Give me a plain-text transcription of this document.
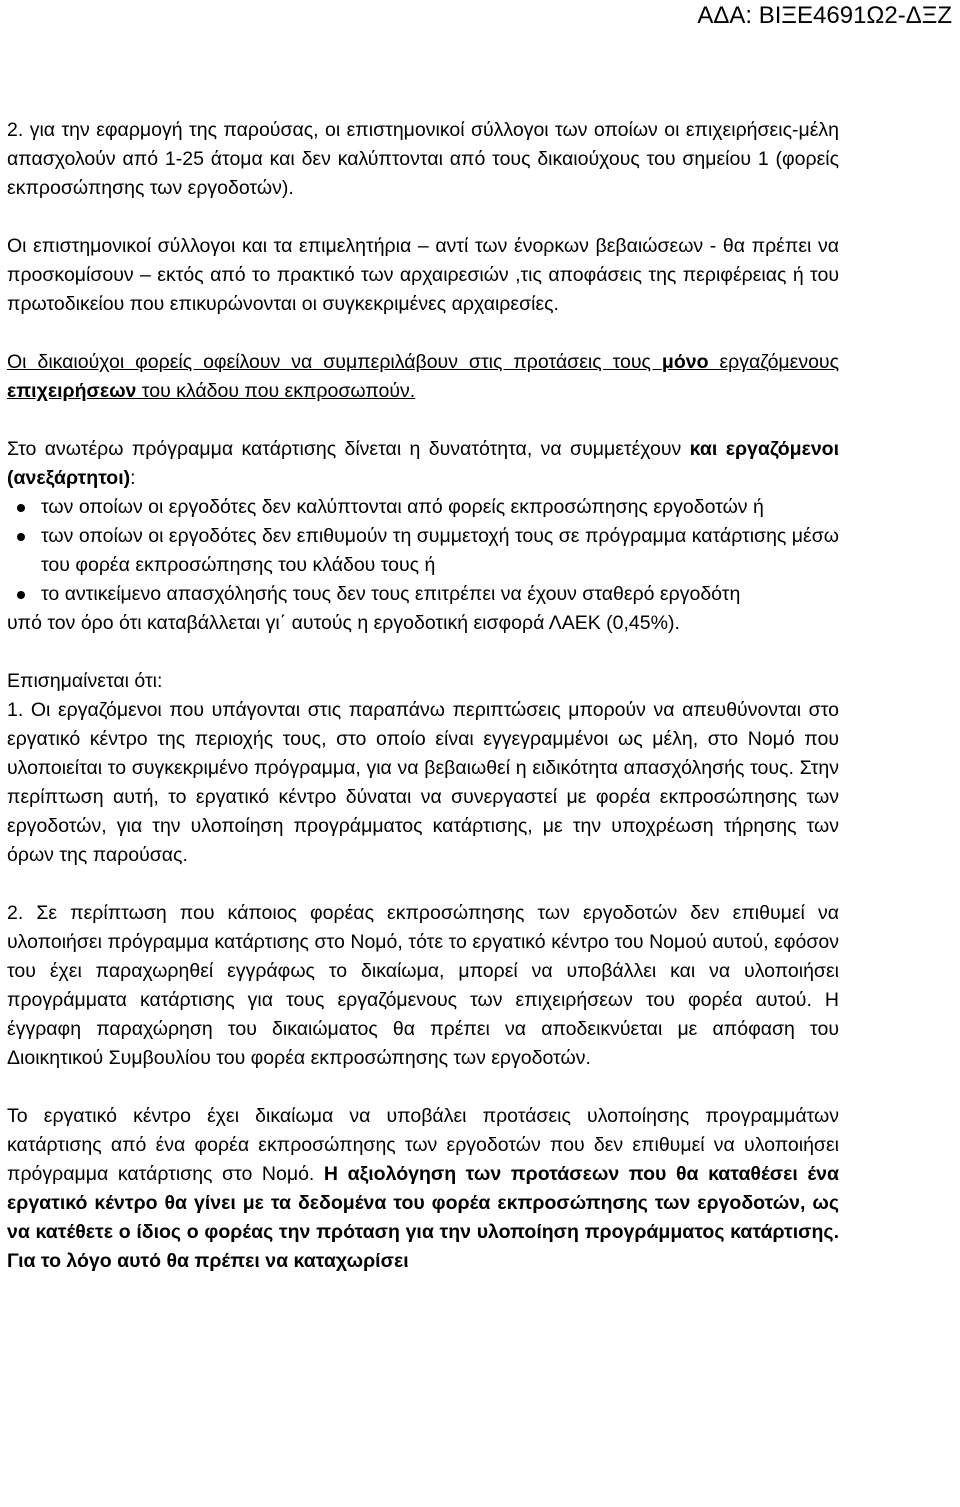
ΑΔΑ: ΒΙΞΕ4691Ω2-ΔΞΖ

2. για την εφαρμογή της παρούσας, οι επιστημονικοί σύλλογοι των οποίων οι επιχειρήσεις-μέλη απασχολούν από 1-25 άτομα και δεν καλύπτονται από τους δικαιούχους του σημείου 1 (φορείς εκπροσώπησης των εργοδοτών).

Οι επιστημονικοί σύλλογοι και τα επιμελητήρια – αντί των ένορκων βεβαιώσεων - θα πρέπει να προσκομίσουν – εκτός από το πρακτικό των αρχαιρεσιών ,τις αποφάσεις της περιφέρειας ή του πρωτοδικείου που επικυρώνονται οι συγκεκριμένες αρχαιρεσίες.

Οι δικαιούχοι φορείς οφείλουν να συμπεριλάβουν στις προτάσεις τους μόνο εργαζόμενους επιχειρήσεων του κλάδου που εκπροσωπούν.

Στο ανωτέρω πρόγραμμα κατάρτισης δίνεται η δυνατότητα, να συμμετέχουν και εργαζόμενοι (ανεξάρτητοι):

των οποίων οι εργοδότες δεν καλύπτονται από φορείς εκπροσώπησης εργοδοτών ή
των οποίων οι εργοδότες δεν επιθυμούν τη συμμετοχή τους σε πρόγραμμα κατάρτισης μέσω του φορέα εκπροσώπησης του κλάδου τους ή
το αντικείμενο απασχόλησής τους δεν τους επιτρέπει να έχουν σταθερό εργοδότη

υπό τον όρο ότι καταβάλλεται γι΄ αυτούς η εργοδοτική εισφορά ΛΑΕΚ (0,45%).

Επισημαίνεται ότι:

1. Οι εργαζόμενοι που υπάγονται στις παραπάνω περιπτώσεις μπορούν να απευθύνονται στο εργατικό κέντρο της περιοχής τους, στο οποίο είναι εγγεγραμμένοι ως μέλη, στο Νομό που υλοποιείται το συγκεκριμένο πρόγραμμα, για να βεβαιωθεί η ειδικότητα απασχόλησής τους. Στην περίπτωση αυτή, το εργατικό κέντρο δύναται να συνεργαστεί με φορέα εκπροσώπησης των εργοδοτών, για την υλοποίηση προγράμματος κατάρτισης, με την υποχρέωση τήρησης των όρων της παρούσας.

2. Σε περίπτωση που κάποιος φορέας εκπροσώπησης των εργοδοτών δεν επιθυμεί να υλοποιήσει πρόγραμμα κατάρτισης στο Νομό, τότε το εργατικό κέντρο του Νομού αυτού, εφόσον του έχει παραχωρηθεί εγγράφως το δικαίωμα, μπορεί να υποβάλλει και να υλοποιήσει προγράμματα κατάρτισης για τους εργαζόμενους των επιχειρήσεων του φορέα αυτού. Η έγγραφη παραχώρηση του δικαιώματος θα πρέπει να αποδεικνύεται με απόφαση του Διοικητικού Συμβουλίου του φορέα εκπροσώπησης των εργοδοτών.

Το εργατικό κέντρο έχει δικαίωμα να υποβάλει προτάσεις υλοποίησης προγραμμάτων κατάρτισης από ένα φορέα εκπροσώπησης των εργοδοτών που δεν επιθυμεί να υλοποιήσει πρόγραμμα κατάρτισης στο Νομό. Η αξιολόγηση των προτάσεων που θα καταθέσει ένα εργατικό κέντρο θα γίνει με τα δεδομένα του φορέα εκπροσώπησης των εργοδοτών, ως να κατέθετε ο ίδιος ο φορέας την πρόταση για την υλοποίηση προγράμματος κατάρτισης. Για το λόγο αυτό θα πρέπει να καταχωρίσει
